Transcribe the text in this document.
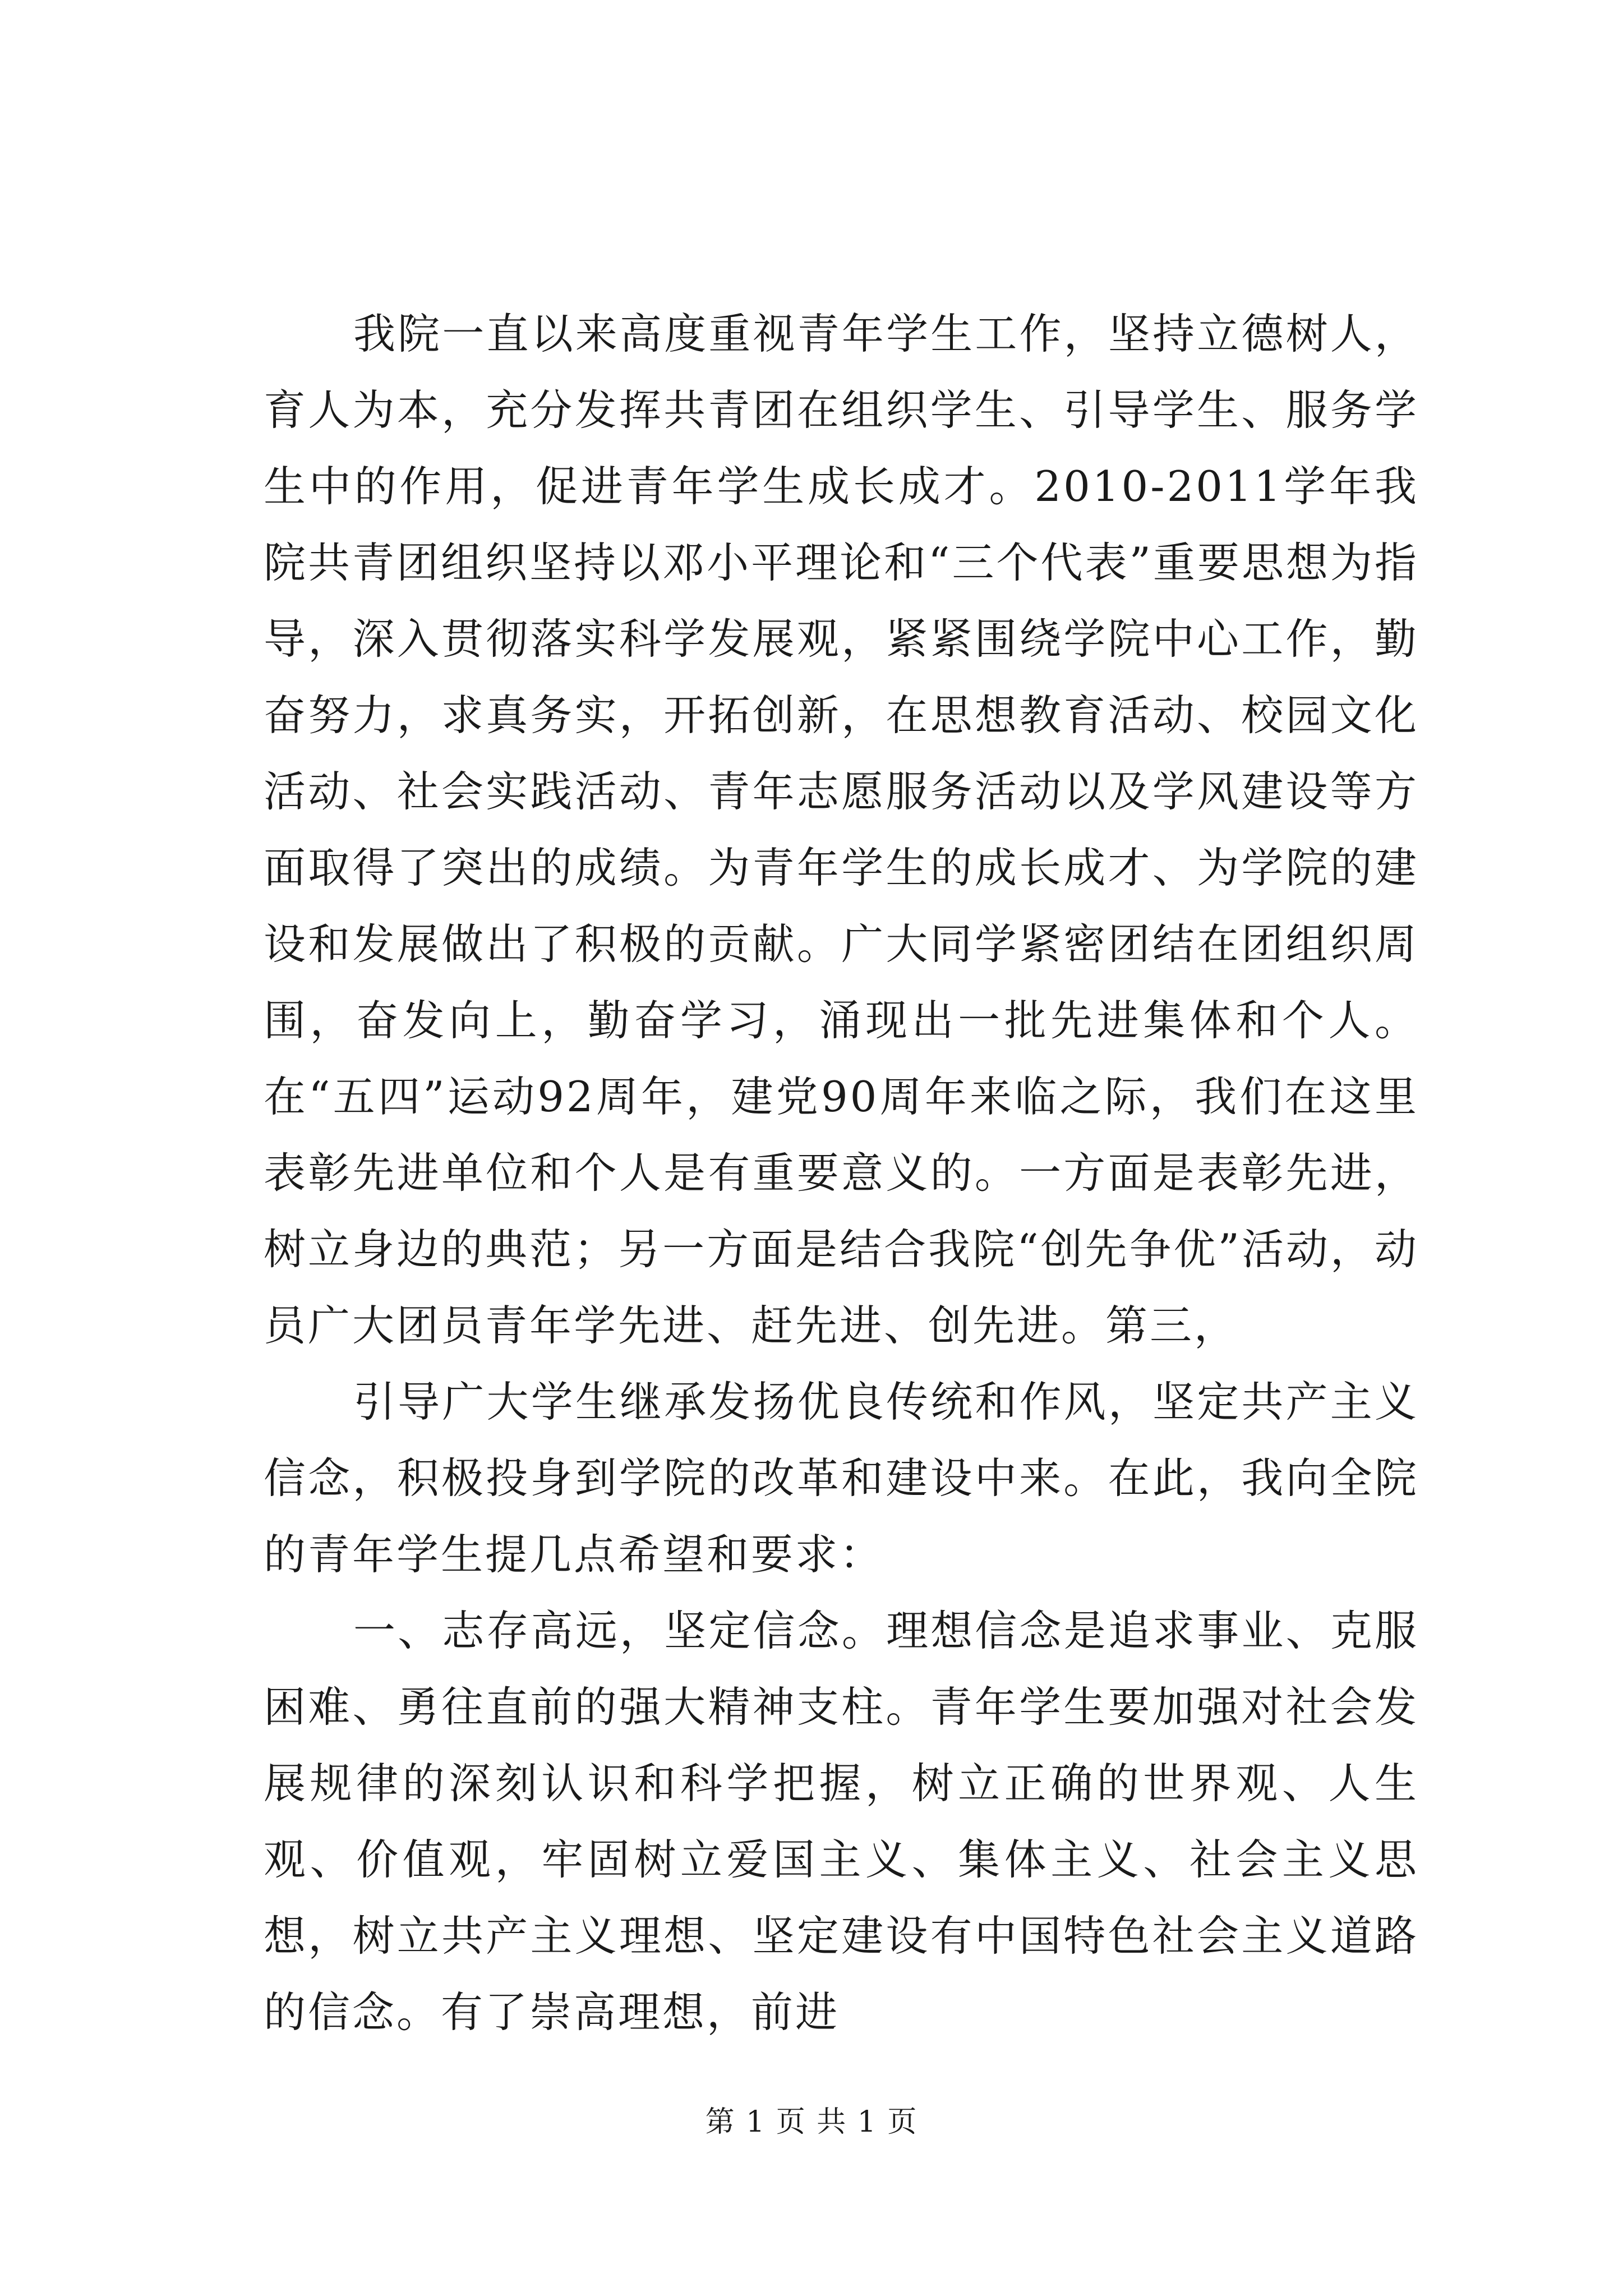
我院一直以来高度重视青年学生工作，坚持立德树人，育人为本，充分发挥共青团在组织学生、引导学生、服务学生中的作用，促进青年学生成长成才。2010-2011学年我院共青团组织坚持以邓小平理论和“三个代表”重要思想为指导，深入贯彻落实科学发展观，紧紧围绕学院中心工作，勤奋努力，求真务实，开拓创新，在思想教育活动、校园文化活动、社会实践活动、青年志愿服务活动以及学风建设等方面取得了突出的成绩。为青年学生的成长成才、为学院的建设和发展做出了积极的贡献。广大同学紧密团结在团组织周围，奋发向上，勤奋学习，涌现出一批先进集体和个人。在“五四”运动92周年，建党90周年来临之际，我们在这里表彰先进单位和个人是有重要意义的。一方面是表彰先进，树立身边的典范；另一方面是结合我院“创先争优”活动，动员广大团员青年学先进、赶先进、创先进。第三，

引导广大学生继承发扬优良传统和作风，坚定共产主义信念，积极投身到学院的改革和建设中来。在此，我向全院的青年学生提几点希望和要求：

一、志存高远，坚定信念。理想信念是追求事业、克服困难、勇往直前的强大精神支柱。青年学生要加强对社会发展规律的深刻认识和科学把握，树立正确的世界观、人生观、价值观，牢固树立爱国主义、集体主义、社会主义思想，树立共产主义理想、坚定建设有中国特色社会主义道路的信念。有了崇高理想，前进

第 1 页 共 1 页
